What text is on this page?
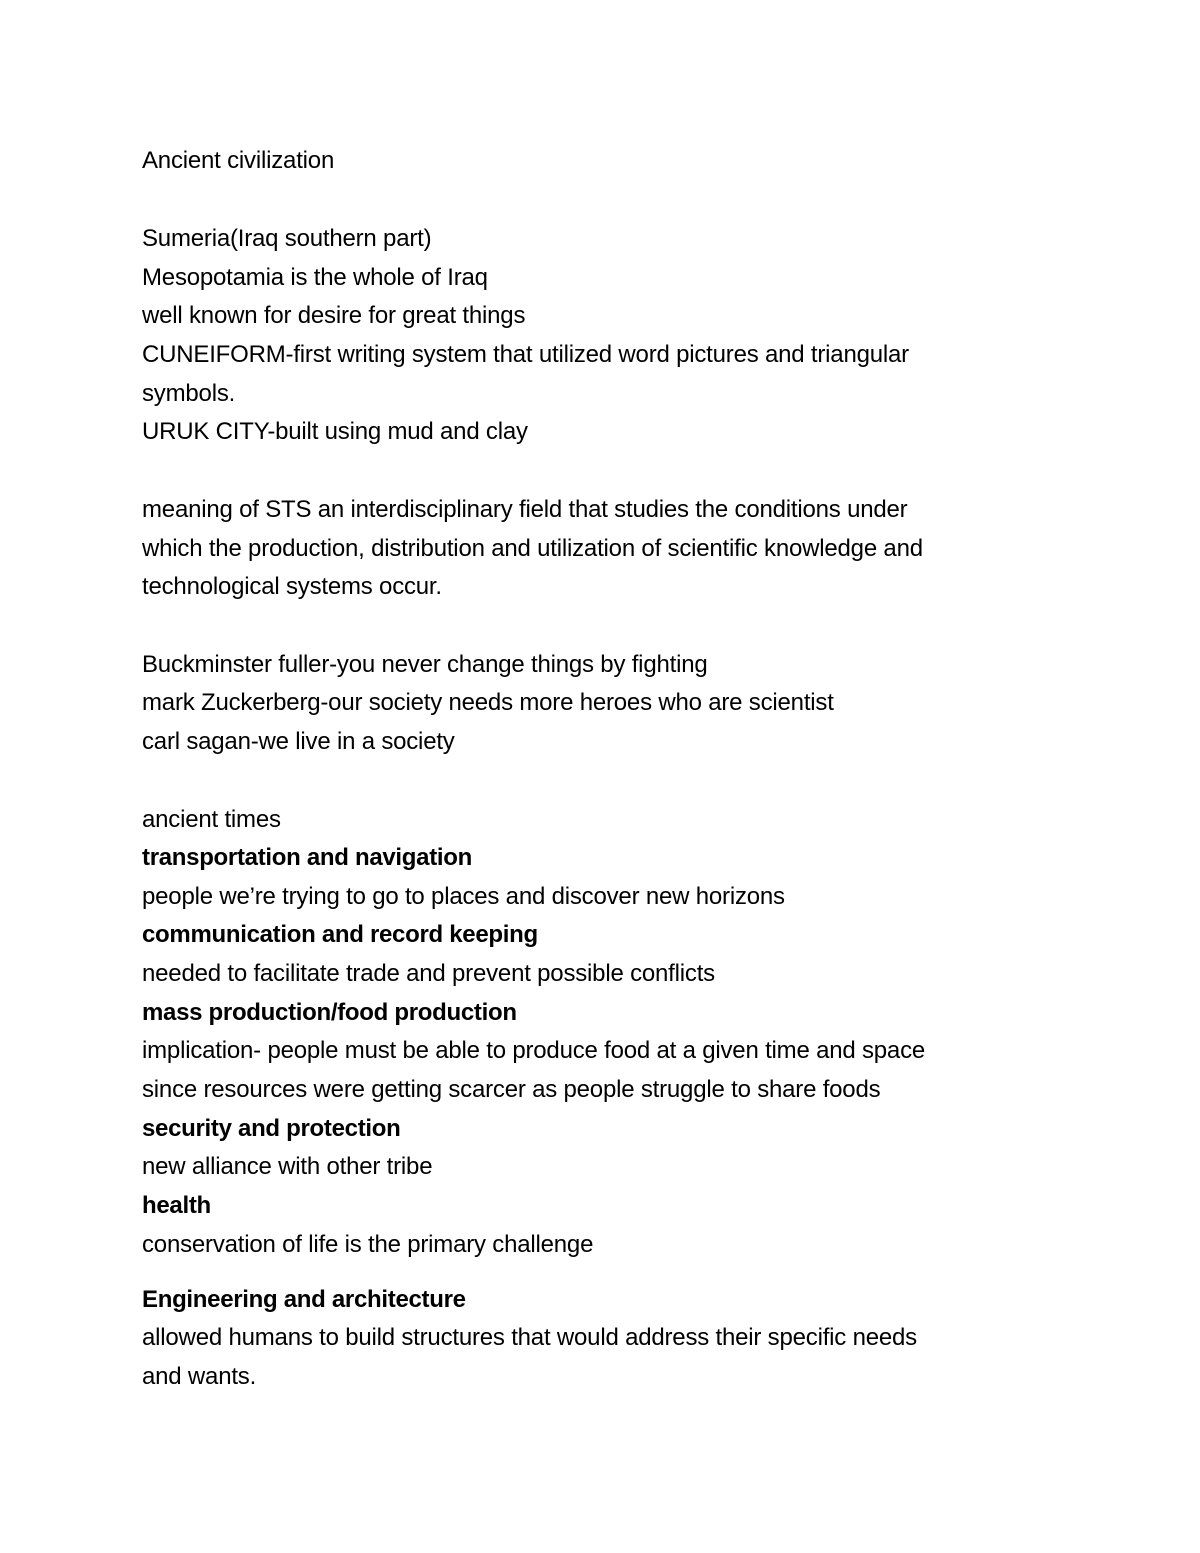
Ancient civilization
Sumeria(Iraq southern part)
Mesopotamia is the whole of Iraq
well known for desire for great things
CUNEIFORM-first writing system that utilized word pictures and triangular
symbols.
URUK CITY-built using mud and clay
meaning of STS an interdisciplinary field that studies the conditions under
which the production, distribution and utilization of scientific knowledge and
technological systems occur.
Buckminster fuller-you never change things by fighting
mark Zuckerberg-our society needs more heroes who are scientist
carl sagan-we live in a society
ancient times
transportation and navigation
people we’re trying to go to places and discover new horizons
communication and record keeping
needed to facilitate trade and prevent possible conflicts
mass production/food production
implication- people must be able to produce food at a given time and space
since resources were getting scarcer as people struggle to share foods
security and protection
new alliance with other tribe
health
conservation of life is the primary challenge
Engineering and architecture
allowed humans to build structures that would address their specific needs
and wants.
